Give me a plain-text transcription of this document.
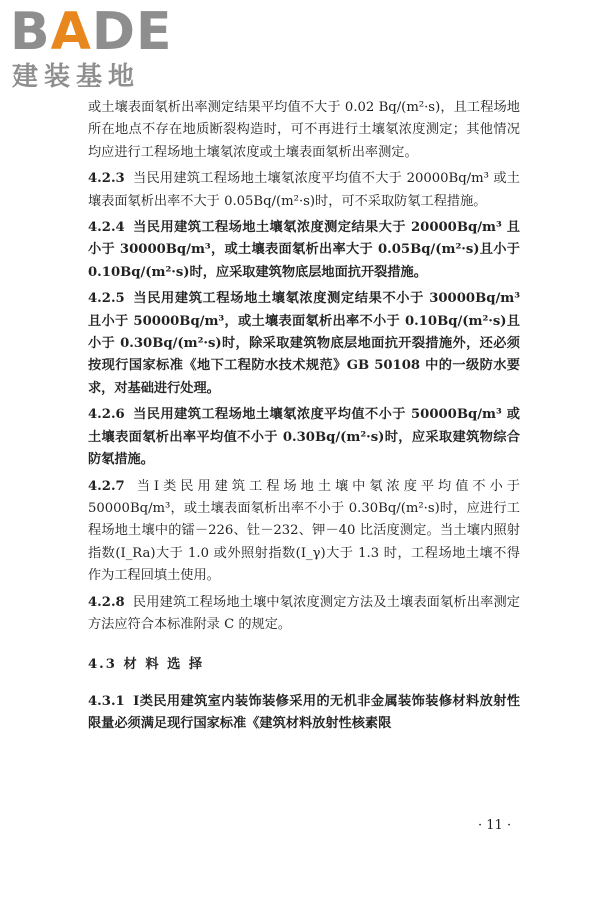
BADE
建装基地

或土壤表面氡析出率测定结果平均值不大于 0.02 Bq/(m²·s)，且工程场地所在地点不存在地质断裂构造时，可不再进行土壤氡浓度测定；其他情况均应进行工程场地土壤氡浓度或土壤表面氡析出率测定。

4.2.3 当民用建筑工程场地土壤氡浓度平均值不大于 20000Bq/m³ 或土壤表面氡析出率不大于 0.05Bq/(m²·s)时，可不采取防氡工程措施。

4.2.4 当民用建筑工程场地土壤氡浓度测定结果大于 20000Bq/m³ 且小于 30000Bq/m³，或土壤表面氡析出率大于 0.05Bq/(m²·s)且小于 0.10Bq/(m²·s)时，应采取建筑物底层地面抗开裂措施。

4.2.5 当民用建筑工程场地土壤氡浓度测定结果不小于 30000Bq/m³ 且小于 50000Bq/m³，或土壤表面氡析出率不小于 0.10Bq/(m²·s)且小于 0.30Bq/(m²·s)时，除采取建筑物底层地面抗开裂措施外，还必须按现行国家标准《地下工程防水技术规范》GB 50108 中的一级防水要求，对基础进行处理。

4.2.6 当民用建筑工程场地土壤氡浓度平均值不小于 50000Bq/m³ 或土壤表面氡析出率平均值不小于 0.30Bq/(m²·s)时，应采取建筑物综合防氡措施。

4.2.7 当Ⅰ类民用建筑工程场地土壤中氡浓度平均值不小于 50000Bq/m³，或土壤表面氡析出率不小于 0.30Bq/(m²·s)时，应进行工程场地土壤中的镭－226、钍－232、钾－40 比活度测定。当土壤内照射指数(I_Ra)大于 1.0 或外照射指数(I_γ)大于 1.3 时，工程场地土壤不得作为工程回填土使用。

4.2.8 民用建筑工程场地土壤中氡浓度测定方法及土壤表面氡析出率测定方法应符合本标准附录 C 的规定。

4.3 材 料 选 择

4.3.1 Ⅰ类民用建筑室内装饰装修采用的无机非金属装饰装修材料放射性限量必须满足现行国家标准《建筑材料放射性核素限

· 11 ·
